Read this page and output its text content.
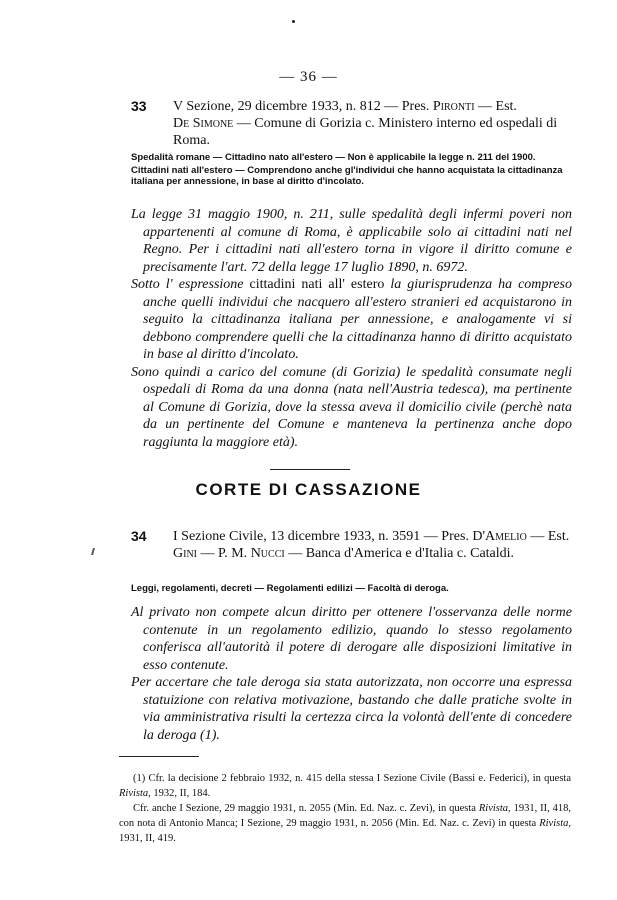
— 36 —
33 V Sezione, 29 dicembre 1933, n. 812 — Pres. Pironti — Est.
De Simone — Comune di Gorizia c. Ministero interno ed ospedali di Roma.

Spedalità romane — Cittadino nato all'estero — Non è applicabile la legge n. 211 del 1900.

Cittadini nati all'estero — Comprendono anche gl'individui che hanno acquistata la cittadinanza italiana per annessione, in base al diritto d'incolato.

La legge 31 maggio 1900, n. 211, sulle spedalità degli infermi poveri non appartenenti al comune di Roma, è applicabile solo ai cittadini nati nel Regno. Per i cittadini nati all'estero torna in vigore il diritto comune e precisamente l'art. 72 della legge 17 luglio 1890, n. 6972.

Sotto l' espressione cittadini nati all' estero la giurisprudenza ha compreso anche quelli individui che nacquero all'estero stranieri ed acquistarono in seguito la cittadinanza italiana per annessione, e analogamente vi si debbono comprendere quelli che la cittadinanza hanno di diritto acquistato in base al diritto d'incolato.

Sono quindi a carico del comune (di Gorizia) le spedalità consumate negli ospedali di Roma da una donna (nata nell'Austria tedesca), ma pertinente al Comune di Gorizia, dove la stessa aveva il domicilio civile (perchè nata da un pertinente del Comune e manteneva la pertinenza anche dopo raggiunta la maggiore età).

CORTE DI CASSAZIONE
34 I Sezione Civile, 13 dicembre 1933, n. 3591 — Pres. D'Amelio — Est. Gini — P. M. Nucci — Banca d'America e d'Italia c. Cataldi.

Leggi, regolamenti, decreti — Regolamenti edilizi — Facoltà di deroga.

Al privato non compete alcun diritto per ottenere l'osservanza delle norme contenute in un regolamento edilizio, quando lo stesso regolamento conferisca all'autorità il potere di derogare alle disposizioni limitative in esso contenute.

Per accertare che tale deroga sia stata autorizzata, non occorre una espressa statuizione con relativa motivazione, bastando che dalle pratiche svolte in via amministrativa risulti la certezza circa la volontà dell'ente di concedere la deroga (1).

(1) Cfr. la decisione 2 febbraio 1932, n. 415 della stessa I Sezione Civile (Bassi e. Federici), in questa Rivista, 1932, II, 184.

Cfr. anche I Sezione, 29 maggio 1931, n. 2055 (Min. Ed. Naz. c. Zevi), in questa Rivista, 1931, II, 418, con nota di Antonio Manca; I Sezione, 29 maggio 1931, n. 2056 (Min. Ed. Naz. c. Zevi) in questa Rivista, 1931, II, 419.
